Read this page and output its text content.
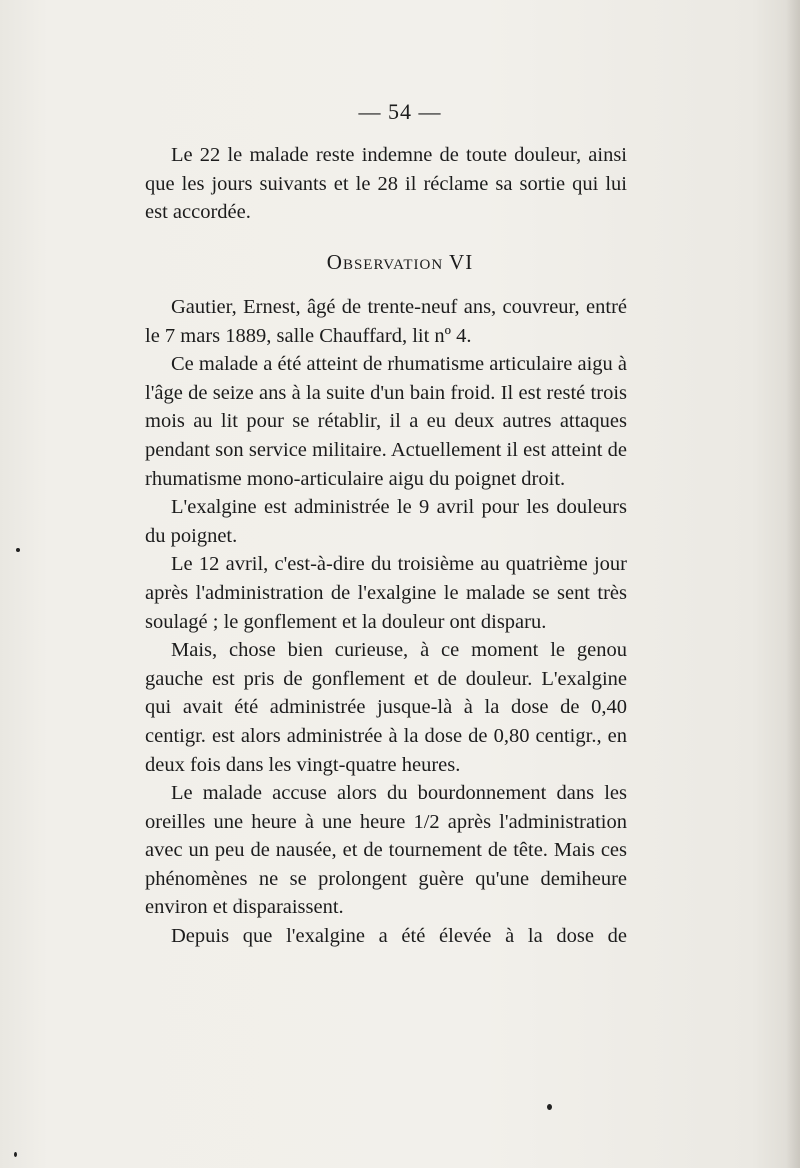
— 54 —

Le 22 le malade reste indemne de toute douleur, ainsi que les jours suivants et le 28 il réclame sa sortie qui lui est accordée.

Observation VI

Gautier, Ernest, âgé de trente-neuf ans, couvreur, entré le 7 mars 1889, salle Chauffard, lit nº 4.

Ce malade a été atteint de rhumatisme articulaire aigu à l'âge de seize ans à la suite d'un bain froid. Il est resté trois mois au lit pour se rétablir, il a eu deux autres attaques pendant son service militaire. Actuellement il est atteint de rhumatisme mono-articulaire aigu du poignet droit.

L'exalgine est administrée le 9 avril pour les douleurs du poignet.

Le 12 avril, c'est-à-dire du troisième au quatrième jour après l'administration de l'exalgine le malade se sent très soulagé ; le gonflement et la douleur ont disparu.

Mais, chose bien curieuse, à ce moment le genou gauche est pris de gonflement et de douleur. L'exalgine qui avait été administrée jusque-là à la dose de 0,40 centigr. est alors administrée à la dose de 0,80 centigr., en deux fois dans les vingt-quatre heures.

Le malade accuse alors du bourdonnement dans les oreilles une heure à une heure 1/2 après l'administration avec un peu de nausée, et de tournement de tête. Mais ces phénomènes ne se prolongent guère qu'une demiheure environ et disparaissent.

Depuis que l'exalgine a été élevée à la dose de
